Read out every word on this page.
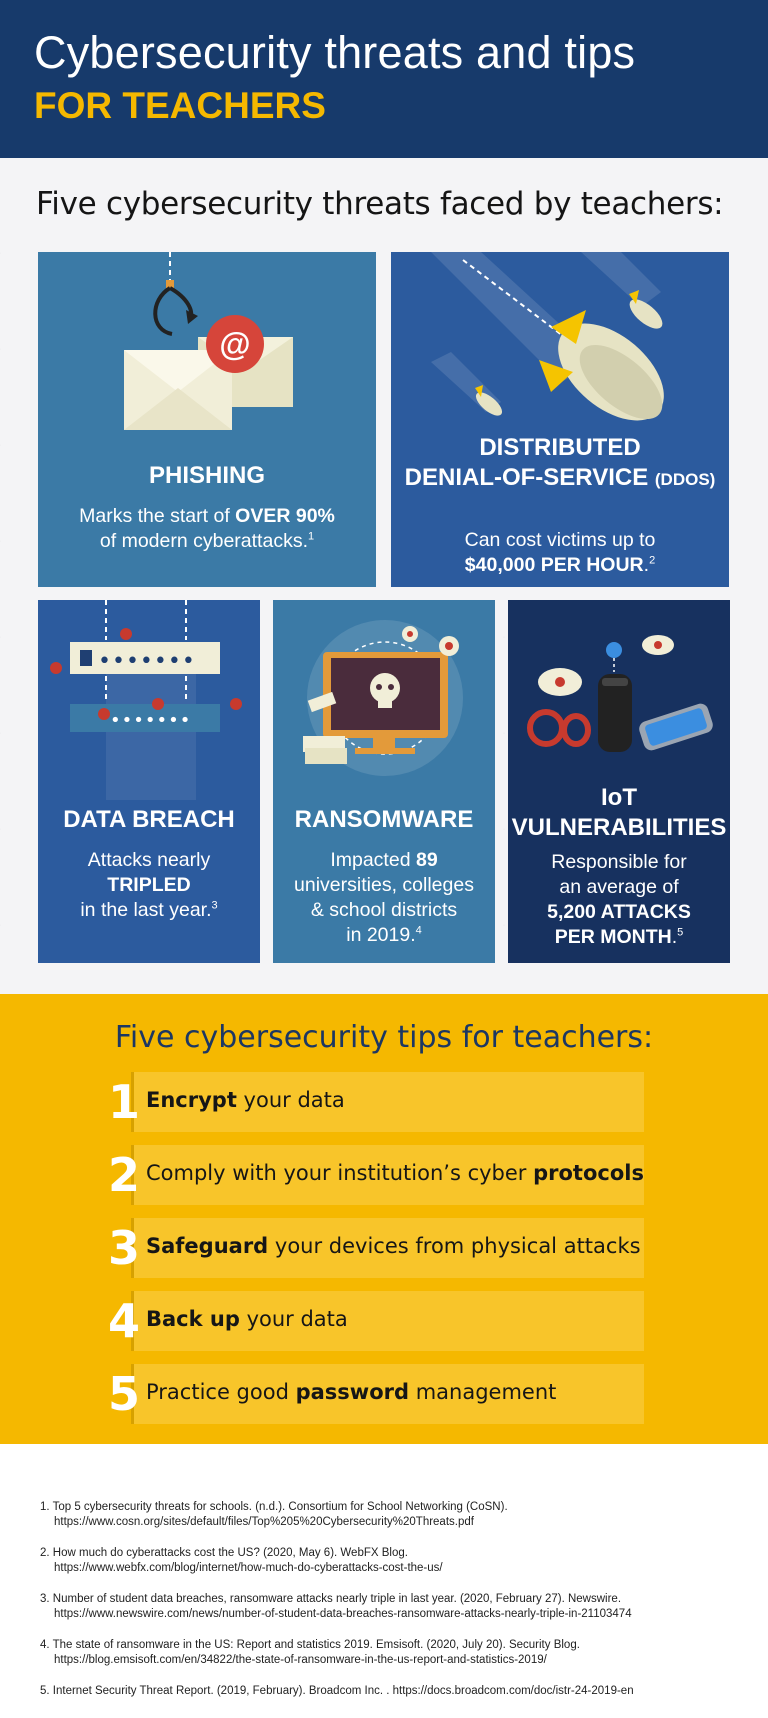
Cybersecurity threats and tips
FOR TEACHERS
Five cybersecurity threats faced by teachers:
@
PHISHING
Marks the start of OVER 90%
of modern cyberattacks.$^1$
DISTRIBUTED
DENIAL-OF-SERVICE (DDOS)
Can cost victims up to
$40,000 PER HOUR.$^2$
•••••••
•••••••
DATA BREACH
Attacks nearly
TRIPLED
in the last year.$^3$
RANSOMWARE
Impacted 89
universities, colleges
& school districts
in 2019.$^4$
IoT
VULNERABILITIES
Responsible for
an average of
5,200 ATTACKS
PER MONTH.$^5$
Five cybersecurity tips for teachers:
1 Encrypt your data
2 Comply with your institution’s cyber protocols
3 Safeguard your devices from physical attacks
4 Back up your data
5 Practice good password management
1. Top 5 cybersecurity threats for schools. (n.d.). Consortium for School Networking (CoSN).
https://www.cosn.org/sites/default/files/Top%205%20Cybersecurity%20Threats.pdf
2. How much do cyberattacks cost the US? (2020, May 6). WebFX Blog.
https://www.webfx.com/blog/internet/how-much-do-cyberattacks-cost-the-us/
3. Number of student data breaches, ransomware attacks nearly triple in last year. (2020, February 27). Newswire.
https://www.newswire.com/news/number-of-student-data-breaches-ransomware-attacks-nearly-triple-in-21103474
4. The state of ransomware in the US: Report and statistics 2019. Emsisoft. (2020, July 20). Security Blog.
https://blog.emsisoft.com/en/34822/the-state-of-ransomware-in-the-us-report-and-statistics-2019/
5. Internet Security Threat Report. (2019, February). Broadcom Inc. . https://docs.broadcom.com/doc/istr-24-2019-en
